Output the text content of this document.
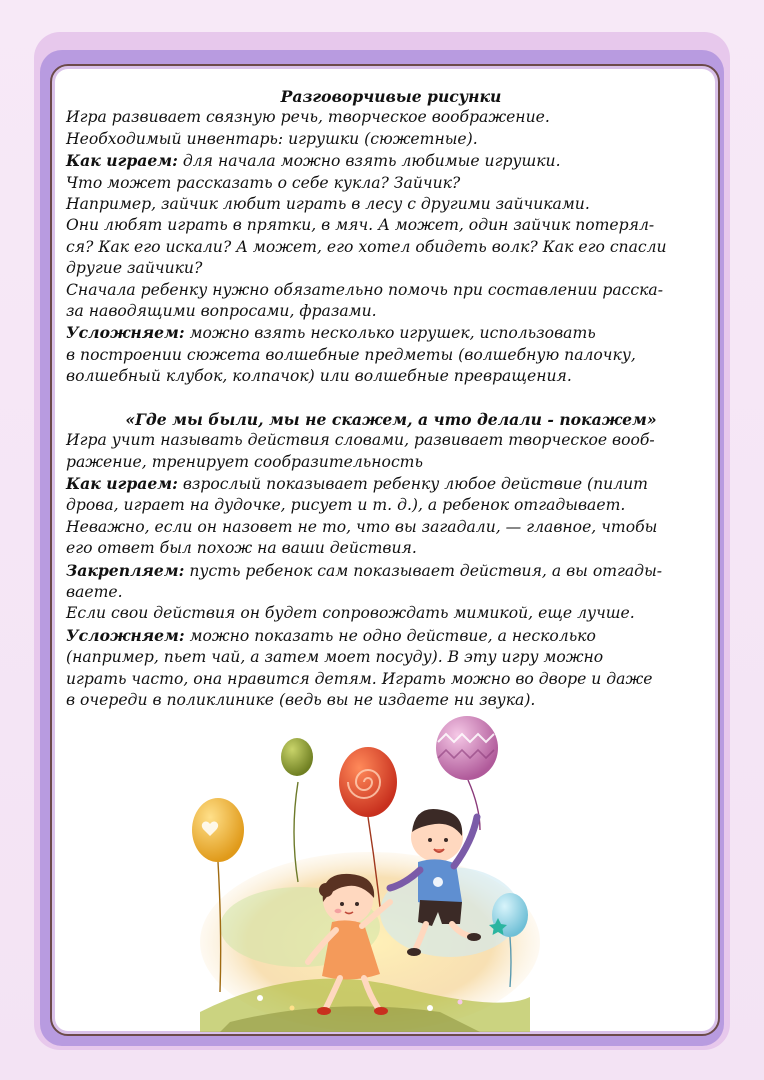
Разговорчивые рисунки

Игра развивает связную речь, творческое воображение.

Необходимый инвентарь: игрушки (сюжетные).

Как играем: для начала можно взять любимые игрушки.

Что может рассказать о себе кукла? Зайчик?

Например, зайчик любит играть в лесу с другими зайчиками.

Они любят играть в прятки, в мяч. А может, один зайчик потерял-

ся? Как его искали? А может, его хотел обидеть волк? Как его спасли

другие зайчики?

Сначала ребенку нужно обязательно помочь при составлении расска-

за наводящими вопросами, фразами.

Усложняем: можно взять несколько игрушек, использовать

в построении сюжета волшебные предметы (волшебную палочку,

волшебный клубок, колпачок) или волшебные превращения.

«Где мы были, мы не скажем, а что делали - покажем»

Игра учит называть действия словами, развивает творческое вооб-

ражение, тренирует сообразительность

Как играем: взрослый показывает ребенку любое действие (пилит

дрова, играет на дудочке, рисует и т. д.), а ребенок отгадывает.

Неважно, если он назовет не то, что вы загадали, — главное, чтобы

его ответ был похож на ваши действия.

Закрепляем: пусть ребенок сам показывает действия, а вы отгады-

ваете.

Если свои действия он будет сопровождать мимикой, еще лучше.

Усложняем: можно показать не одно действие, а несколько

(например, пьет чай, а затем моет посуду). В эту игру можно

играть часто, она нравится детям. Играть можно во дворе и даже

в очереди в поликлинике (ведь вы не издаете ни звука).
